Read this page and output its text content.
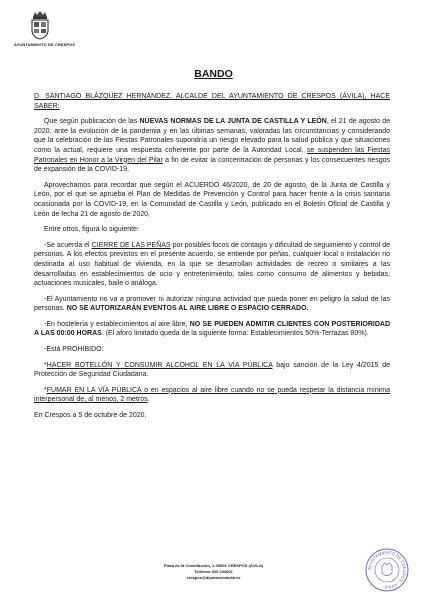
AYUNTAMIENTO DE CRESPOS
BANDO

D. SANTIAGO BLÁZQUEZ HERNÁNDEZ, ALCALDE DEL AYUNTAMIENTO DE CRESPOS (ÁVILA), HACE SABER:

Que según publicación de las NUEVAS NORMAS DE LA JUNTA DE CASTILLA Y LEÓN, el 21 de agosto de 2020, ante la evolución de la pandemia y en las últimas semanas, valoradas las circunstancias y considerando que la celebración de las Fiestas Patronales supondría un riesgo elevado para la salud pública y que situaciones como la actual, requiere una respuesta coherente por parte de la Autoridad Local, se suspenden las Fiestas Patronales en Honor a la Virgen del Pilar a fin de evitar la concentración de personas y los consecuentes riesgos de expansión de la COVID-19,

Aprovechamos para recordar que según el ACUERDO 46/2020, de 20 de agosto, de la Junta de Castilla y León, por el que se aprueba el Plan de Medidas de Prevención y Control para hacer frente a la crisis sanitaria ocasionada por la COVID-19, en la Comunidad de Castilla y León, publicado en el Boletín Oficial de Castilla y León de fecha 21 de agosto de 2020,

Entre otros, figura lo siguiente:

-Se acuerda el CIERRE DE LAS PEÑAS por posibles focos de contagio y dificultad de seguimiento y control de personas. A los efectos previstos en el presente acuerdo, se entiende por peñas, cualquier local o instalación no destinada al uso habitual de vivienda, en la que se desarrollan actividades de recreo o similares a las desarrolladas en establecimientos de ocio y entretenimiento, tales como consumo de alimentos y bebidas, actuaciones musicales, baile o análoga.

-El Ayuntamiento no va a promover ni autorizar ninguna actividad que pueda poner en peligro la salud de las personas. NO SE AUTORIZARÁN EVENTOS AL AIRE LIBRE O ESPACIO CERRADO.

-En hostelería y establecimientos al aire libre, NO SE PUEDEN ADMITIR CLIENTES CON POSTERIORIDAD A LAS 00:00 HORAS. (El aforo limitado queda de la siguiente forma: Establecimientos 50%-Terrazas 80%).

-Está PROHIBIDO:

*HACER BOTELLÓN Y CONSUMIR ALCOHOL EN LA VÍA PÚBLICA bajo sanción de la Ley 4/2015 de Protección de Seguridad Ciudadana.

*FUMAR EN LA VÍA PÚBLICA o en espacios al aire libre cuando no se pueda respetar la distancia mínima interpersonal de, al menos, 2 metros.

En Crespos a 5 de octubre de 2020.

Plaza de la Constitución, 1-05500 CRESPOS (ÁVILA)
Teléfono 920 244001
crespos@diputacionavila.es
AYUNTAMIENTO DE CRESPOS · ÁVILA ·
